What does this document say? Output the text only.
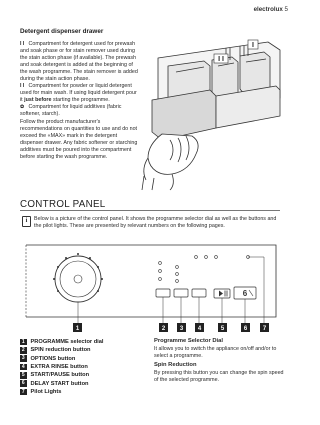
electrolux 5
Detergent dispenser drawer

I I Compartment for detergent used for prewash and soak phase or for stain remover used during the stain action phase (if available). The prewash and soak detergent is added at the beginning of the wash programme. The stain remover is added during the stain action phase.

I I Compartment for powder or liquid detergent used for main wash. If using liquid detergent pour it just before starting the programme.

✿ Compartment for liquid additives (fabric softener, starch).

Follow the product manufacturer's recommendations on quantities to use and do not exceed the «MAX» mark in the detergent dispenser drawer. Any fabric softener or starching additives must be poured into the compartment before starting the wash programme.

I
I I
CONTROL PANEL
i	Below is a picture of the control panel. It shows the programme selector dial as well as the buttons and the pilot lights. These are presented by relevant numbers on the following pages.
6
1	2 3 4	5	6	7
1	PROGRAMME selector dial
2	SPIN reduction button
3	OPTIONS button
4	EXTRA RINSE button
5	START/PAUSE button
6	DELAY START button
7	Pilot Lights

Programme Selector Dial

It allows you to switch the appliance on/off and/or to select a programme.

Spin Reduction

By pressing this button you can change the spin speed of the selected programme.
